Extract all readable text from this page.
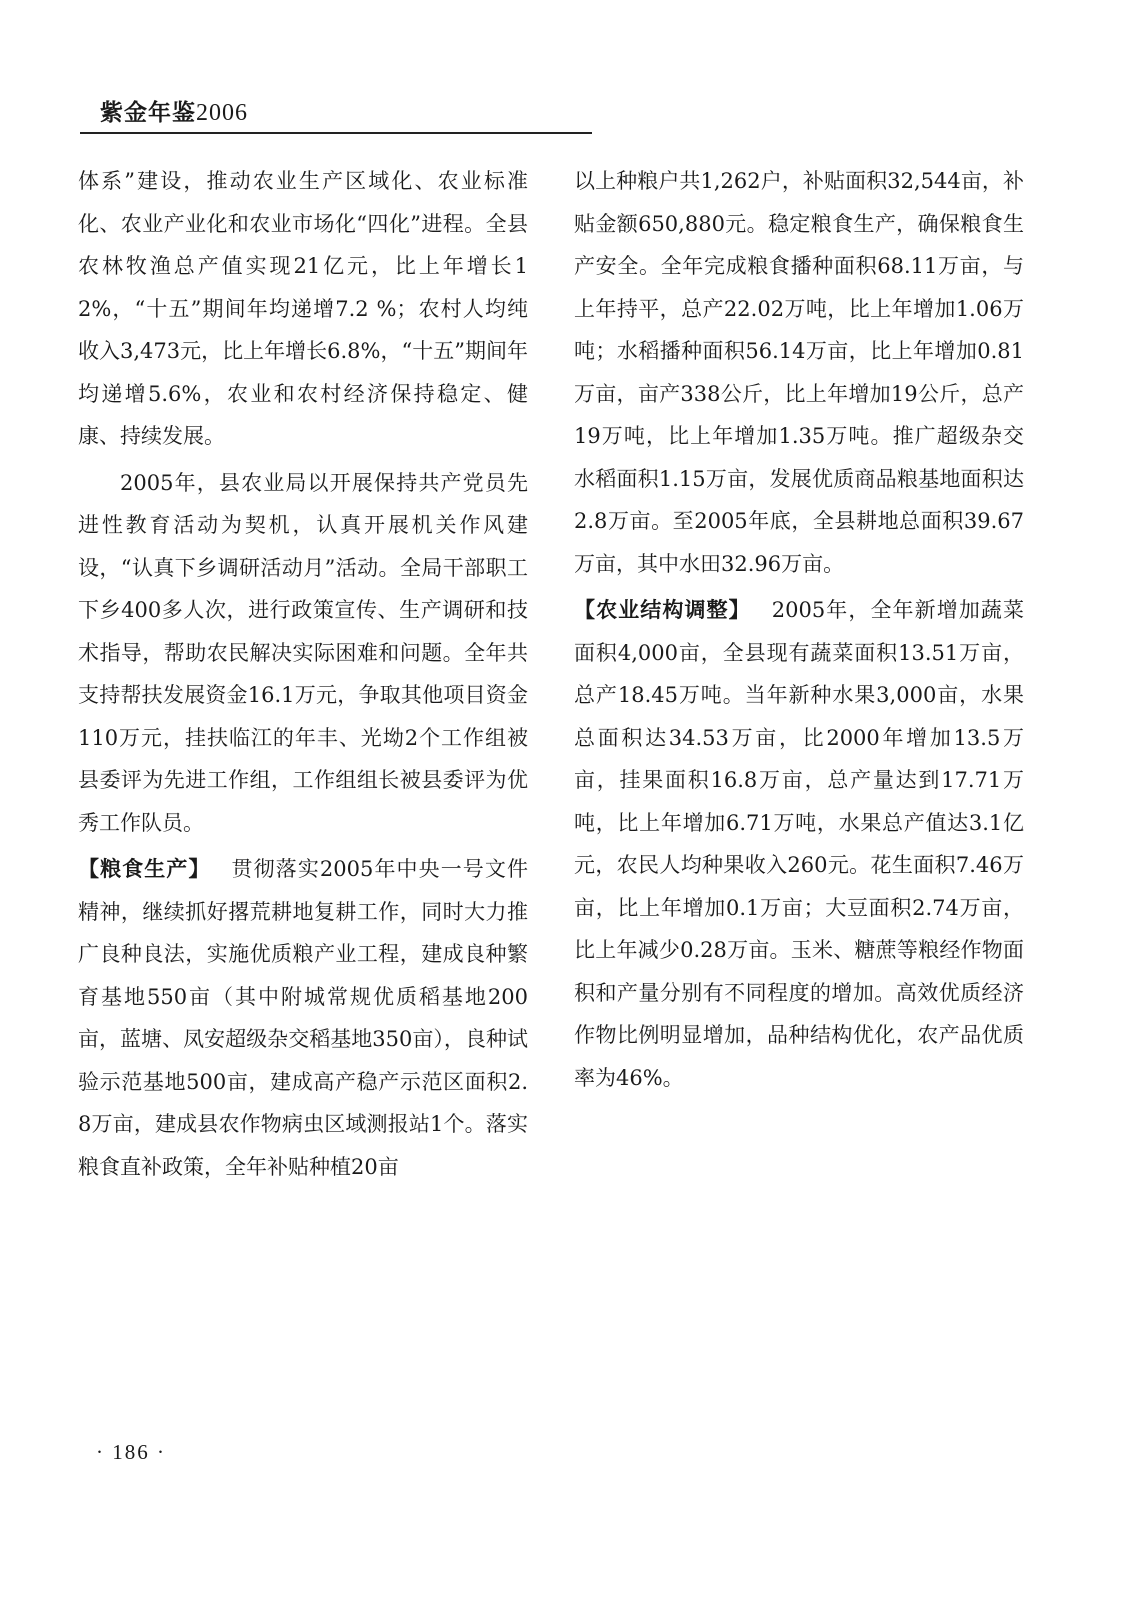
紫金年鉴2006

体系”建设，推动农业生产区域化、农业标准化、农业产业化和农业市场化“四化”进程。全县农林牧渔总产值实现21亿元，比上年增长12%，“十五”期间年均递增7.2 %；农村人均纯收入3,473元，比上年增长6.8%，“十五”期间年均递增5.6%，农业和农村经济保持稳定、健康、持续发展。

2005年，县农业局以开展保持共产党员先进性教育活动为契机，认真开展机关作风建设，“认真下乡调研活动月”活动。全局干部职工下乡400多人次，进行政策宣传、生产调研和技术指导，帮助农民解决实际困难和问题。全年共支持帮扶发展资金16.1万元，争取其他项目资金110万元，挂扶临江的年丰、光坳2个工作组被县委评为先进工作组，工作组组长被县委评为优秀工作队员。

【粮食生产】 贯彻落实2005年中央一号文件精神，继续抓好撂荒耕地复耕工作，同时大力推广良种良法，实施优质粮产业工程，建成良种繁育基地550亩（其中附城常规优质稻基地200亩，蓝塘、凤安超级杂交稻基地350亩），良种试验示范基地500亩，建成高产稳产示范区面积2.8万亩，建成县农作物病虫区域测报站1个。落实粮食直补政策，全年补贴种植20亩

以上种粮户共1,262户，补贴面积32,544亩，补贴金额650,880元。稳定粮食生产，确保粮食生产安全。全年完成粮食播种面积68.11万亩，与上年持平，总产22.02万吨，比上年增加1.06万吨；水稻播种面积56.14万亩，比上年增加0.81万亩，亩产338公斤，比上年增加19公斤，总产19万吨，比上年增加1.35万吨。推广超级杂交水稻面积1.15万亩，发展优质商品粮基地面积达2.8万亩。至2005年底，全县耕地总面积39.67万亩，其中水田32.96万亩。

【农业结构调整】 2005年，全年新增加蔬菜面积4,000亩，全县现有蔬菜面积13.51万亩，总产18.45万吨。当年新种水果3,000亩，水果总面积达34.53万亩，比2000年增加13.5万亩，挂果面积16.8万亩，总产量达到17.71万吨，比上年增加6.71万吨，水果总产值达3.1亿元，农民人均种果收入260元。花生面积7.46万亩，比上年增加0.1万亩；大豆面积2.74万亩，比上年减少0.28万亩。玉米、糖蔗等粮经作物面积和产量分别有不同程度的增加。高效优质经济作物比例明显增加，品种结构优化，农产品优质率为46%。

· 186 ·
